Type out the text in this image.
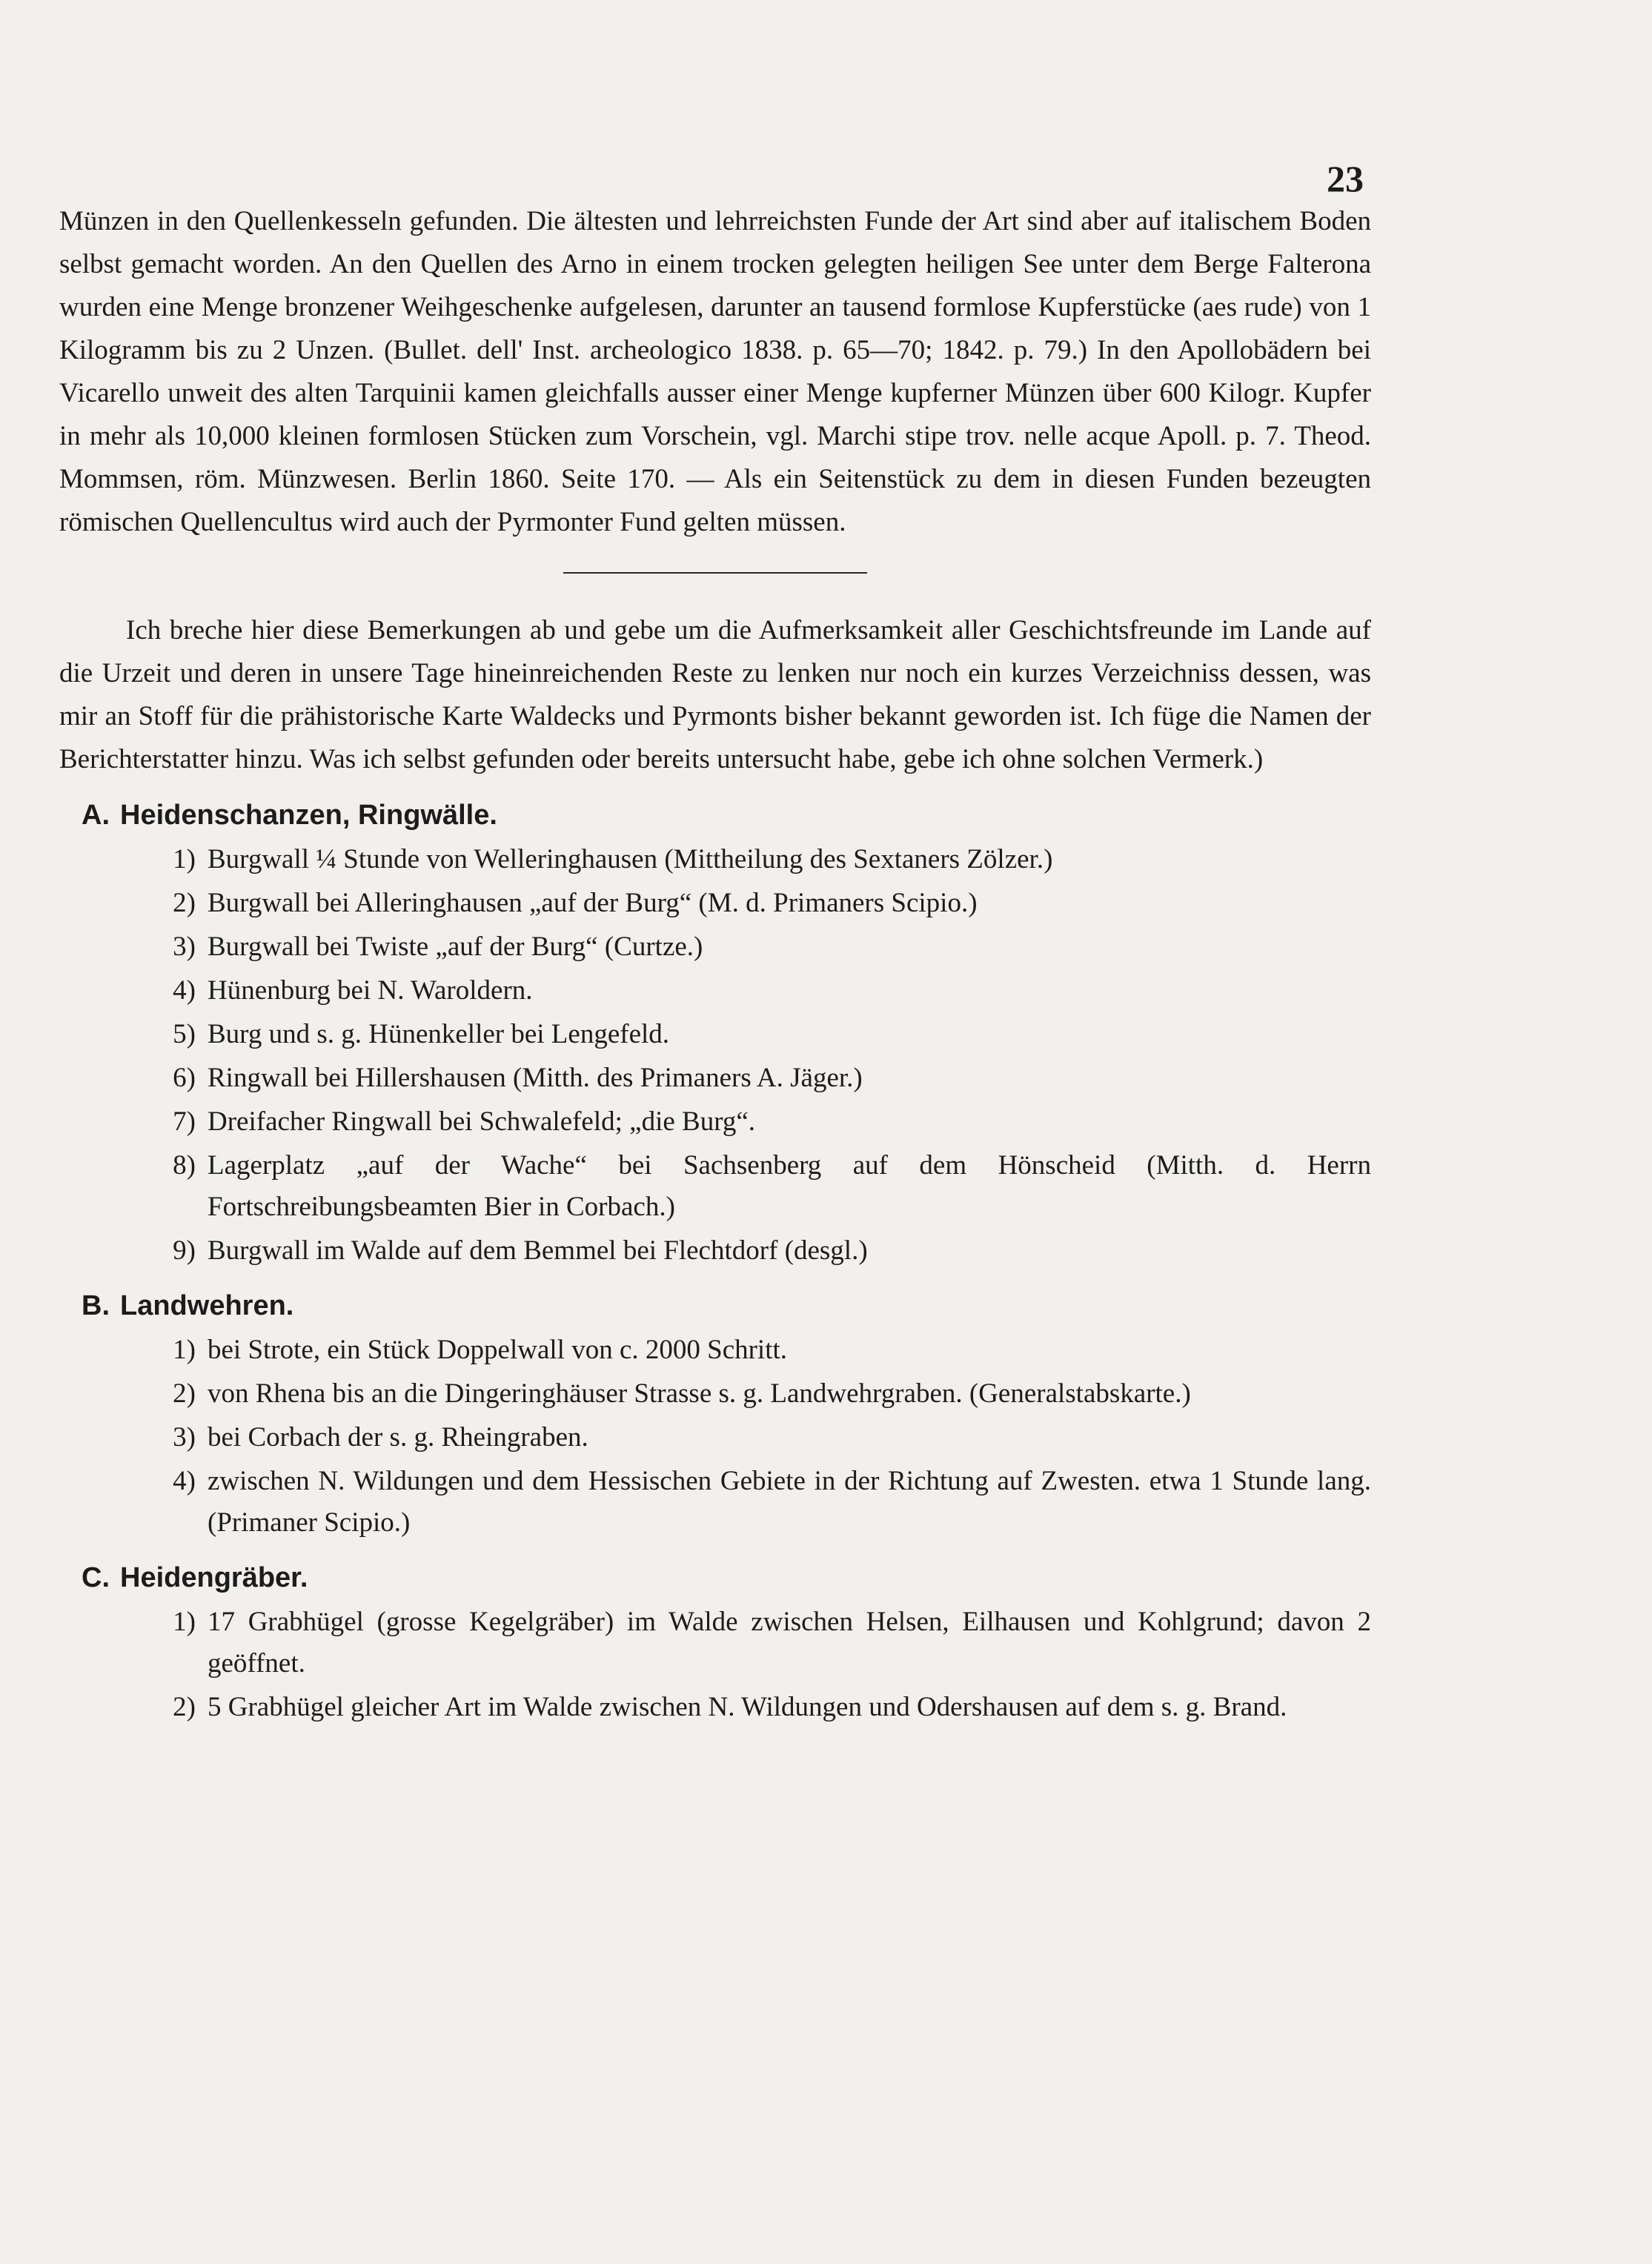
23

Münzen in den Quellenkesseln gefunden. Die ältesten und lehrreichsten Funde der Art sind aber auf italischem Boden selbst gemacht worden. An den Quellen des Arno in einem trocken gelegten heiligen See unter dem Berge Falterona wurden eine Menge bronzener Weihgeschenke aufgelesen, darunter an tausend formlose Kupferstücke (aes rude) von 1 Kilogramm bis zu 2 Unzen. (Bullet. dell' Inst. archeologico 1838. p. 65—70; 1842. p. 79.) In den Apollobädern bei Vicarello unweit des alten Tarquinii kamen gleichfalls ausser einer Menge kupferner Münzen über 600 Kilogr. Kupfer in mehr als 10,000 kleinen formlosen Stücken zum Vorschein, vgl. Marchi stipe trov. nelle acque Apoll. p. 7. Theod. Mommsen, röm. Münzwesen. Berlin 1860. Seite 170. — Als ein Seitenstück zu dem in diesen Funden bezeugten römischen Quellencultus wird auch der Pyrmonter Fund gelten müssen.

Ich breche hier diese Bemerkungen ab und gebe um die Aufmerksamkeit aller Geschichtsfreunde im Lande auf die Urzeit und deren in unsere Tage hineinreichenden Reste zu lenken nur noch ein kurzes Verzeichniss dessen, was mir an Stoff für die prähistorische Karte Waldecks und Pyrmonts bisher bekannt geworden ist. Ich füge die Namen der Berichterstatter hinzu. Was ich selbst gefunden oder bereits untersucht habe, gebe ich ohne solchen Vermerk.)

A. Heidenschanzen, Ringwälle.
1) Burgwall ¼ Stunde von Welleringhausen (Mittheilung des Sextaners Zölzer.)
2) Burgwall bei Alleringhausen „auf der Burg“ (M. d. Primaners Scipio.)
3) Burgwall bei Twiste „auf der Burg“ (Curtze.)
4) Hünenburg bei N. Waroldern.
5) Burg und s. g. Hünenkeller bei Lengefeld.
6) Ringwall bei Hillershausen (Mitth. des Primaners A. Jäger.)
7) Dreifacher Ringwall bei Schwalefeld; „die Burg“.
8) Lagerplatz „auf der Wache“ bei Sachsenberg auf dem Hönscheid (Mitth. d. Herrn Fortschreibungsbeamten Bier in Corbach.)
9) Burgwall im Walde auf dem Bemmel bei Flechtdorf (desgl.)
B. Landwehren.
1) bei Strote, ein Stück Doppelwall von c. 2000 Schritt.
2) von Rhena bis an die Dingeringhäuser Strasse s. g. Landwehrgraben. (Generalstabskarte.)
3) bei Corbach der s. g. Rheingraben.
4) zwischen N. Wildungen und dem Hessischen Gebiete in der Richtung auf Zwesten. etwa 1 Stunde lang. (Primaner Scipio.)
C. Heidengräber.
1) 17 Grabhügel (grosse Kegelgräber) im Walde zwischen Helsen, Eilhausen und Kohlgrund; davon 2 geöffnet.
2) 5 Grabhügel gleicher Art im Walde zwischen N. Wildungen und Odershausen auf dem s. g. Brand.
